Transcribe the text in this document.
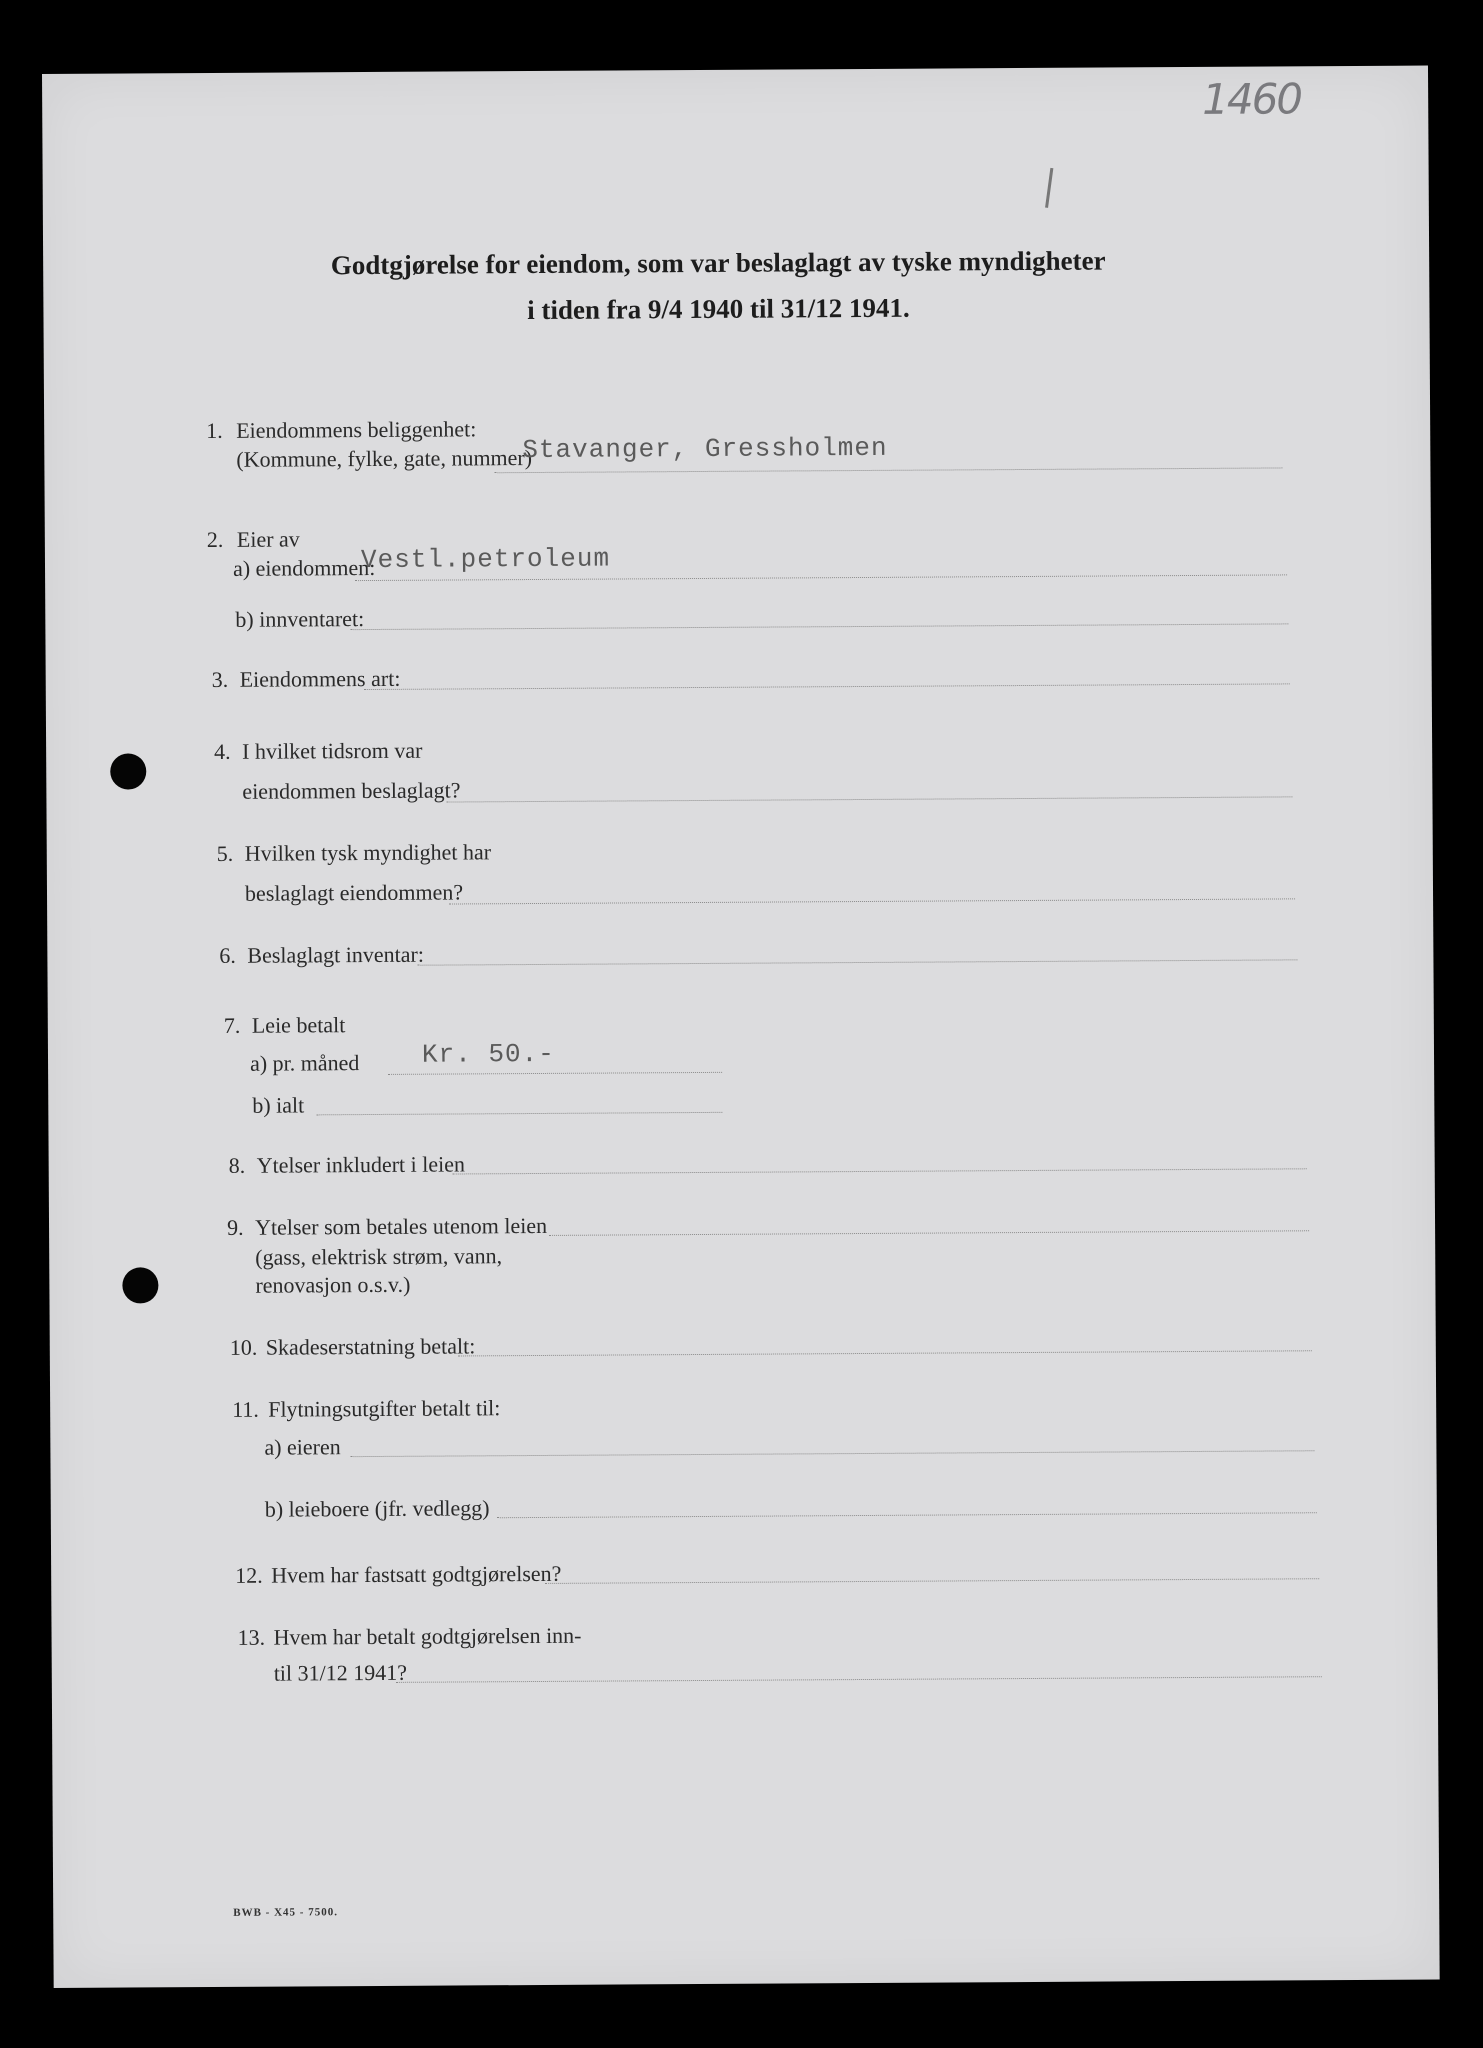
1460
Godtgjørelse for eiendom, som var beslaglagt av tyske myndigheter
i tiden fra 9/4 1940 til 31/12 1941.
1. Eiendommens beliggenhet:
(Kommune, fylke, gate, nummer)
Stavanger, Gressholmen
2. Eier av
a) eiendommen:
Vestl.petroleum
b) innventaret:
3. Eiendommens art:
4. I hvilket tidsrom var
eiendommen beslaglagt?
5. Hvilken tysk myndighet har
beslaglagt eiendommen?
6. Beslaglagt inventar:
7. Leie betalt
a) pr. måned Kr. 50.-
b) ialt
8. Ytelser inkludert i leien
9. Ytelser som betales utenom leien
(gass, elektrisk strøm, vann,
renovasjon o.s.v.)
10. Skadeserstatning betalt:
11. Flytningsutgifter betalt til:
a) eieren
b) leieboere (jfr. vedlegg)
12. Hvem har fastsatt godtgjørelsen?
13. Hvem har betalt godtgjørelsen inn-
til 31/12 1941?
BWB - X45 - 7500.
